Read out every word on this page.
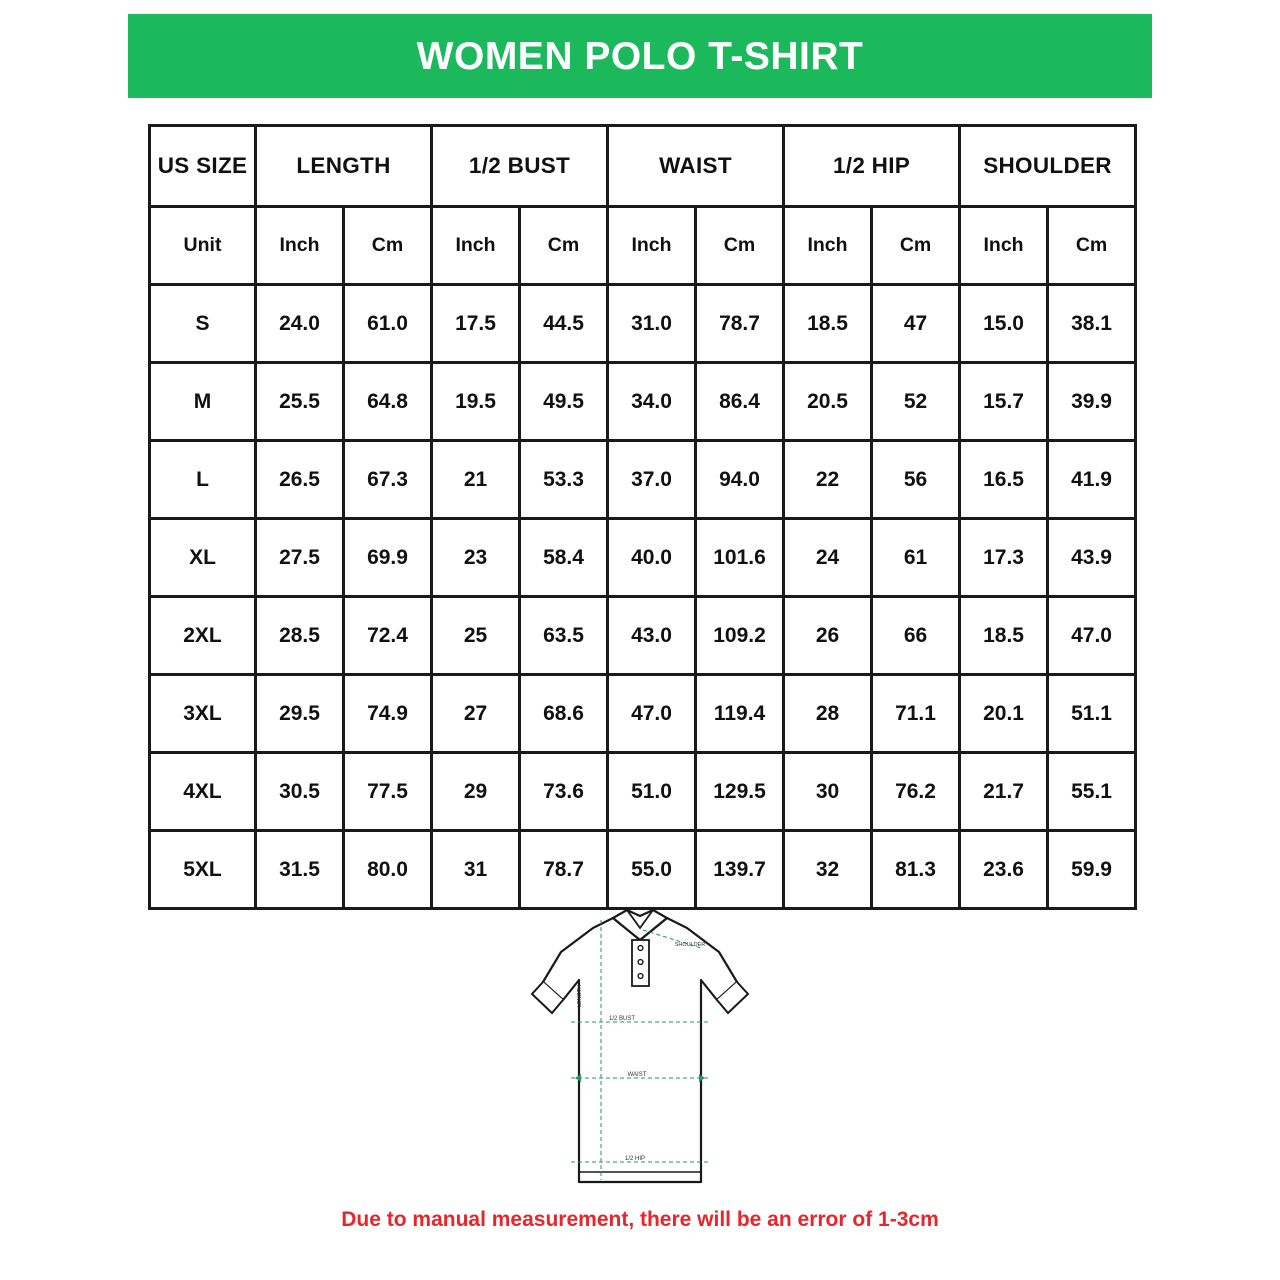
WOMEN POLO T-SHIRT
US SIZE	LENGTH		1/2 BUST		WAIST		1/2 HIP		SHOULDER	
Unit	Inch	Cm	Inch	Cm	Inch	Cm	Inch	Cm	Inch	Cm
S	24.0	61.0	17.5	44.5	31.0	78.7	18.5	47	15.0	38.1
M	25.5	64.8	19.5	49.5	34.0	86.4	20.5	52	15.7	39.9
L	26.5	67.3	21	53.3	37.0	94.0	22	56	16.5	41.9
XL	27.5	69.9	23	58.4	40.0	101.6	24	61	17.3	43.9
2XL	28.5	72.4	25	63.5	43.0	109.2	26	66	18.5	47.0
3XL	29.5	74.9	27	68.6	47.0	119.4	28	71.1	20.1	51.1
4XL	30.5	77.5	29	73.6	51.0	129.5	30	76.2	21.7	55.1
5XL	31.5	80.0	31	78.7	55.0	139.7	32	81.3	23.6	59.9
LENGTH
SHOULDER
1/2 BUST
WAIST
1/2 HIP
Due to manual measurement, there will be an error of 1-3cm
